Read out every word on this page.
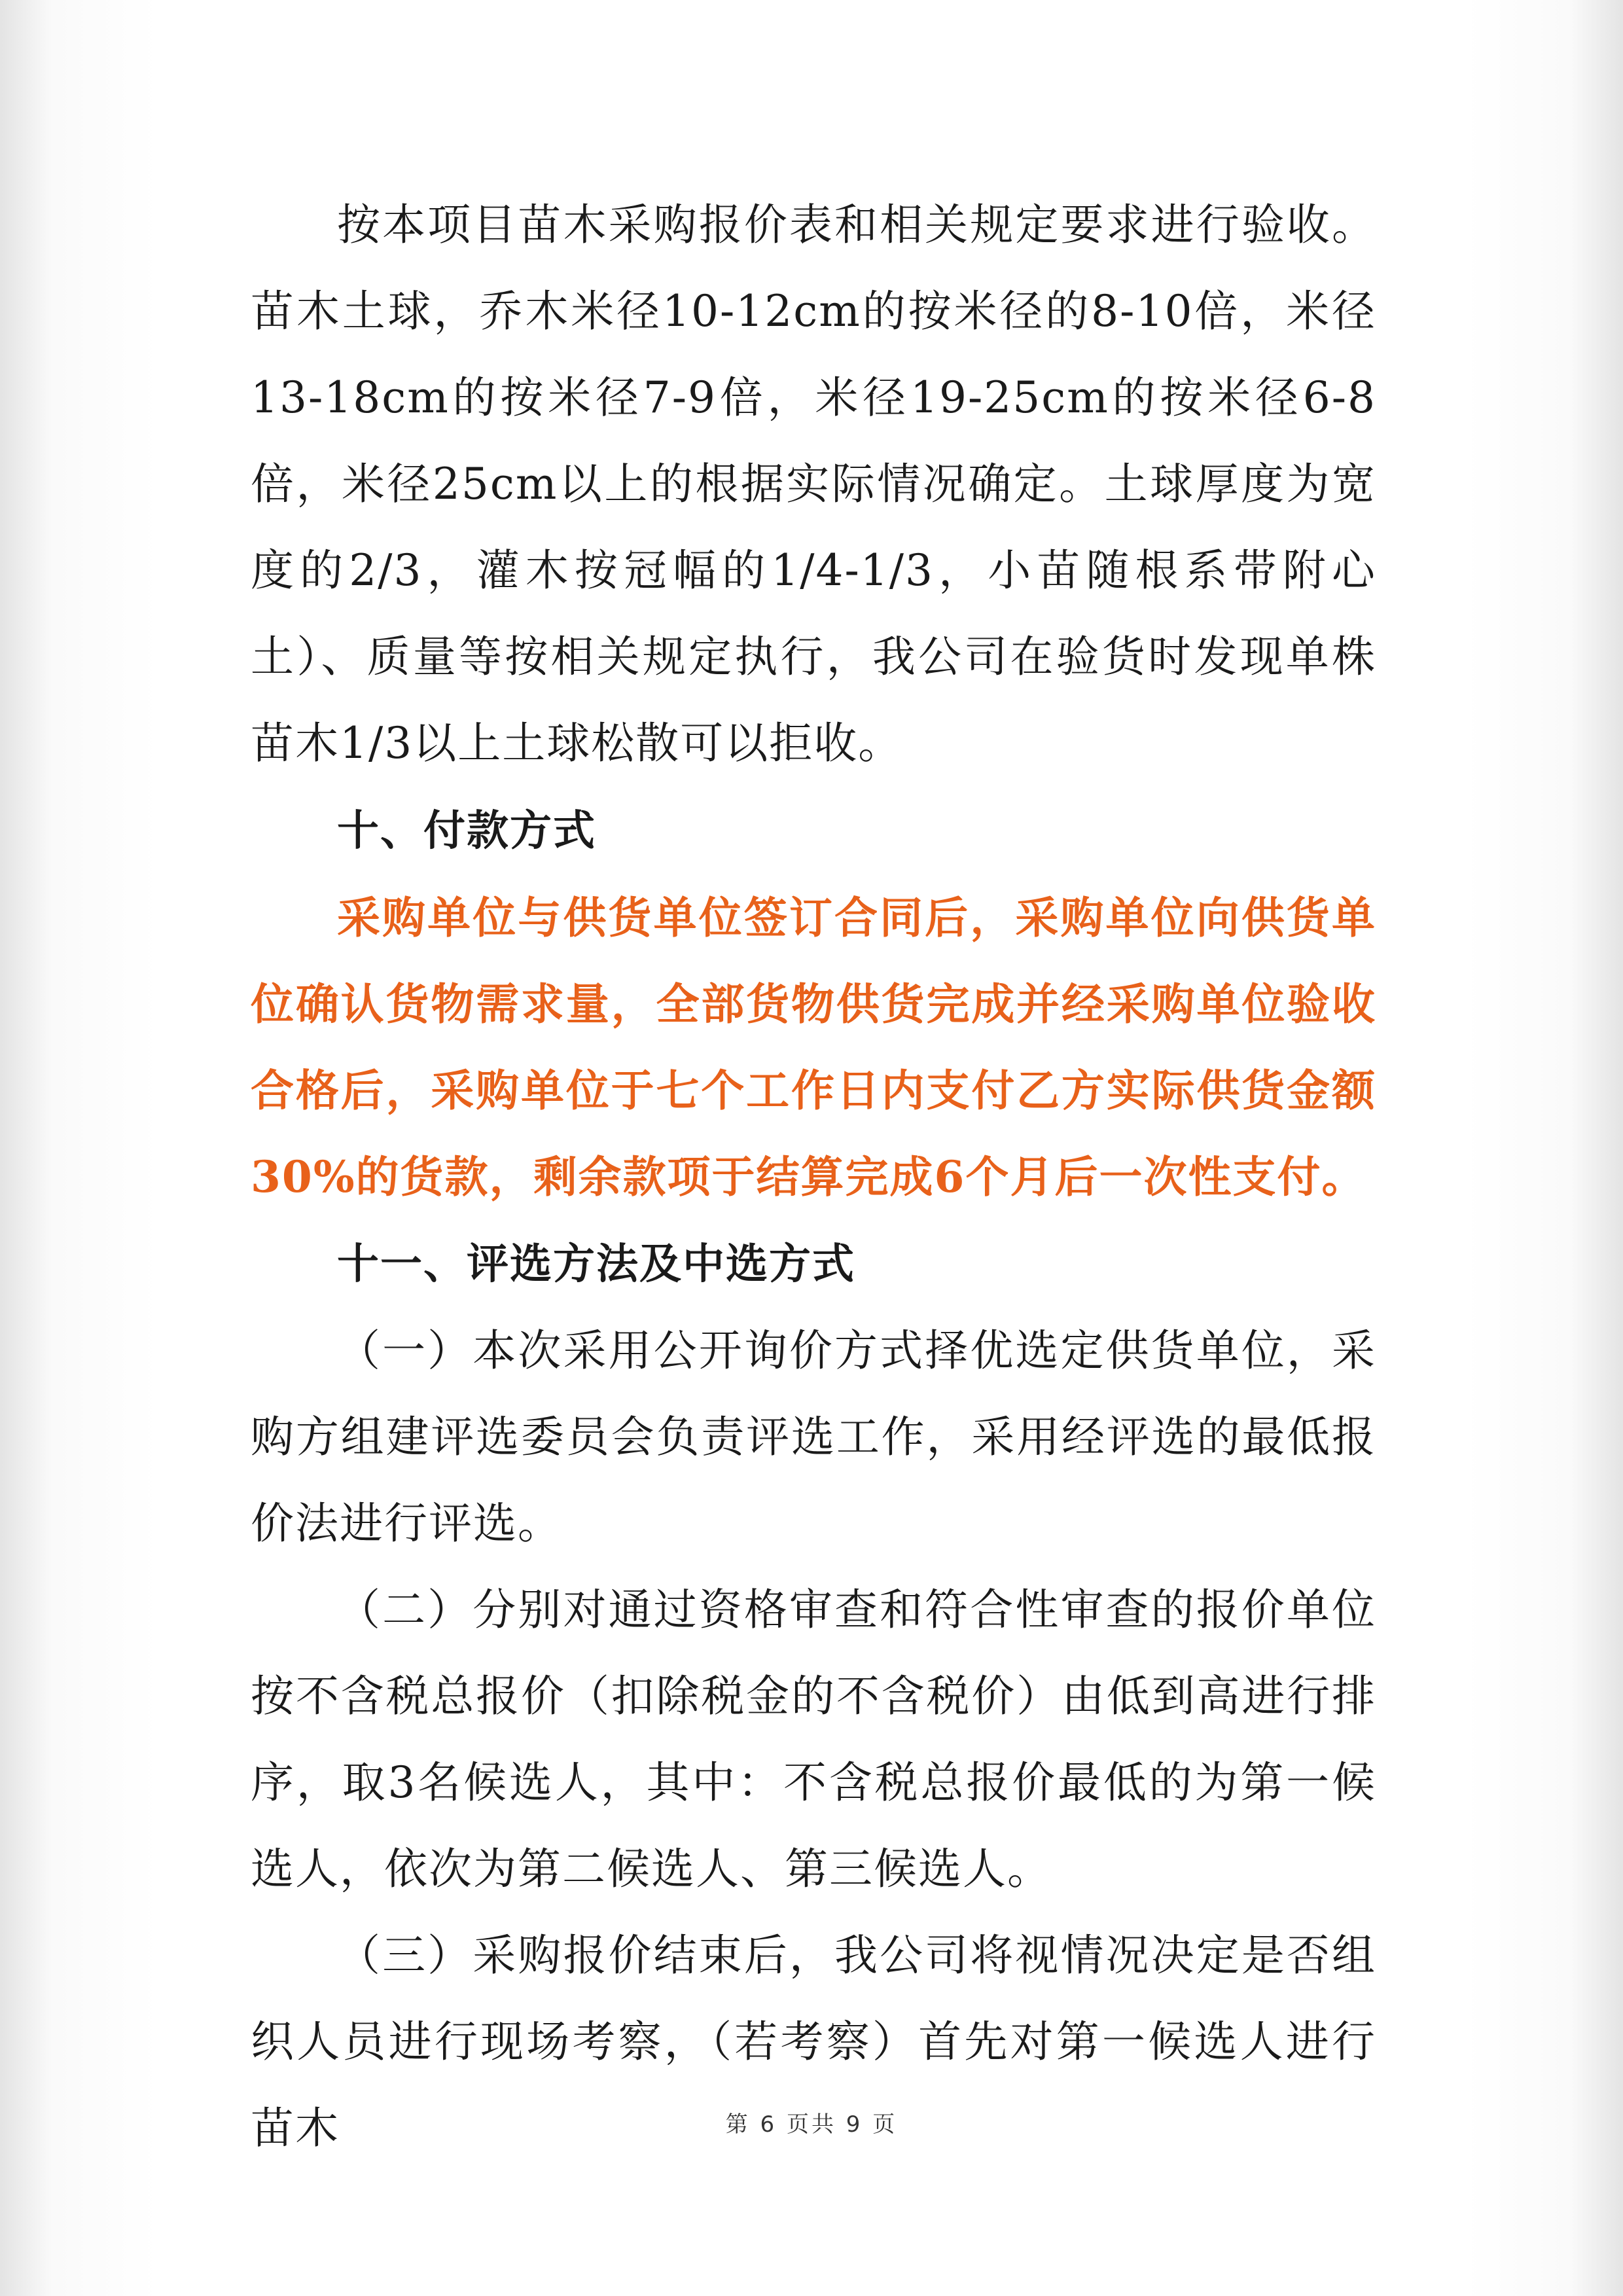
按本项目苗木采购报价表和相关规定要求进行验收。苗木土球，乔木米径10-12cm的按米径的8-10倍，米径13-18cm的按米径7-9倍，米径19-25cm的按米径6-8倍，米径25cm以上的根据实际情况确定。土球厚度为宽度的2/3，灌木按冠幅的1/4-1/3，小苗随根系带附心土）、质量等按相关规定执行，我公司在验货时发现单株苗木1/3以上土球松散可以拒收。

十、付款方式

采购单位与供货单位签订合同后，采购单位向供货单位确认货物需求量，全部货物供货完成并经采购单位验收合格后，采购单位于七个工作日内支付乙方实际供货金额30%的货款，剩余款项于结算完成6个月后一次性支付。

十一、评选方法及中选方式

（一）本次采用公开询价方式择优选定供货单位，采购方组建评选委员会负责评选工作，采用经评选的最低报价法进行评选。

（二）分别对通过资格审查和符合性审查的报价单位按不含税总报价（扣除税金的不含税价）由低到高进行排序，取3名候选人，其中：不含税总报价最低的为第一候选人，依次为第二候选人、第三候选人。

（三）采购报价结束后，我公司将视情况决定是否组织人员进行现场考察，（若考察）首先对第一候选人进行苗木	第 6 页共 9 页
